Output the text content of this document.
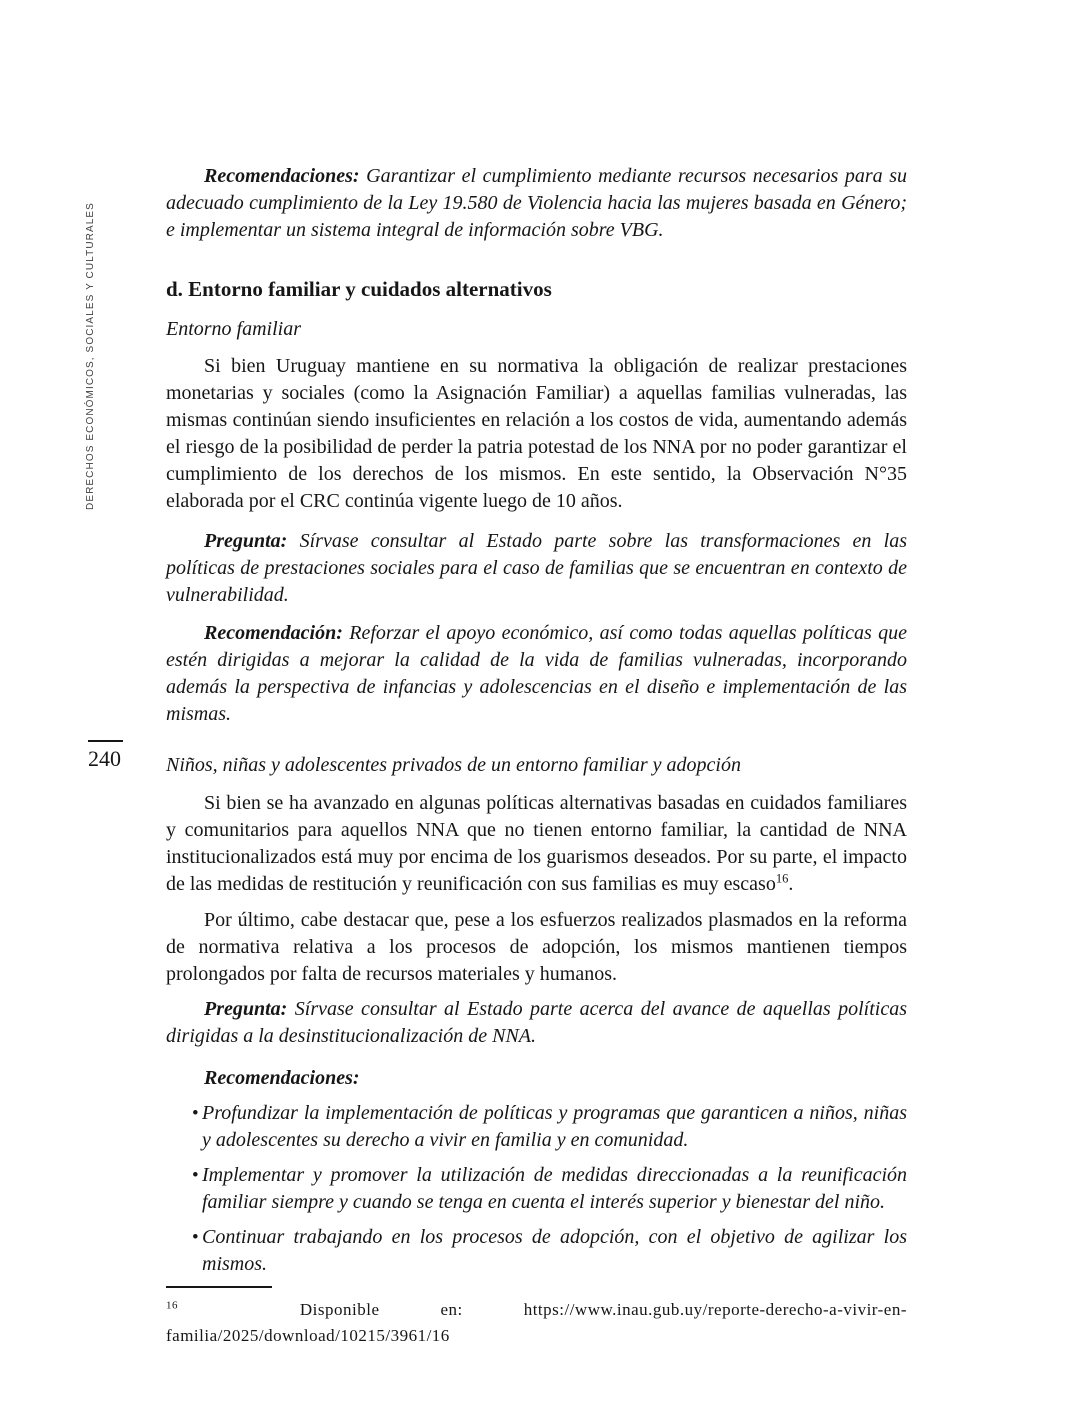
DERECHOS ECONÓMICOS, SOCIALES Y CULTURALES
240

Recomendaciones: Garantizar el cumplimiento mediante recursos necesarios para su adecuado cumplimiento de la Ley 19.580 de Violencia hacia las mujeres basada en Género; e implementar un sistema integral de información sobre VBG.

d. Entorno familiar y cuidados alternativos

Entorno familiar

Si bien Uruguay mantiene en su normativa la obligación de realizar prestaciones monetarias y sociales (como la Asignación Familiar) a aquellas familias vulneradas, las mismas continúan siendo insuficientes en relación a los costos de vida, aumentando además el riesgo de la posibilidad de perder la patria potestad de los NNA por no poder garantizar el cumplimiento de los derechos de los mismos. En este sentido, la Observación N°35 elaborada por el CRC continúa vigente luego de 10 años.

Pregunta: Sírvase consultar al Estado parte sobre las transformaciones en las políticas de prestaciones sociales para el caso de familias que se encuentran en contexto de vulnerabilidad.

Recomendación: Reforzar el apoyo económico, así como todas aquellas políticas que estén dirigidas a mejorar la calidad de la vida de familias vulneradas, incorporando además la perspectiva de infancias y adolescencias en el diseño e implementación de las mismas.

Niños, niñas y adolescentes privados de un entorno familiar y adopción

Si bien se ha avanzado en algunas políticas alternativas basadas en cuidados familiares y comunitarios para aquellos NNA que no tienen entorno familiar, la cantidad de NNA institucionalizados está muy por encima de los guarismos deseados. Por su parte, el impacto de las medidas de restitución y reunificación con sus familias es muy escaso$^{16}$.

Por último, cabe destacar que, pese a los esfuerzos realizados plasmados en la reforma de normativa relativa a los procesos de adopción, los mismos mantienen tiempos prolongados por falta de recursos materiales y humanos.

Pregunta: Sírvase consultar al Estado parte acerca del avance de aquellas políticas dirigidas a la desinstitucionalización de NNA.

Recomendaciones:

• Profundizar la implementación de políticas y programas que garanticen a niños, niñas y adolescentes su derecho a vivir en familia y en comunidad.
• Implementar y promover la utilización de medidas direccionadas a la reunificación familiar siempre y cuando se tenga en cuenta el interés superior y bienestar del niño.
• Continuar trabajando en los procesos de adopción, con el objetivo de agilizar los mismos.

$^{16}$	Disponible en: https://www.inau.gub.uy/reporte-derecho-a-vivir-en-familia/2025/download/10215/3961/16
